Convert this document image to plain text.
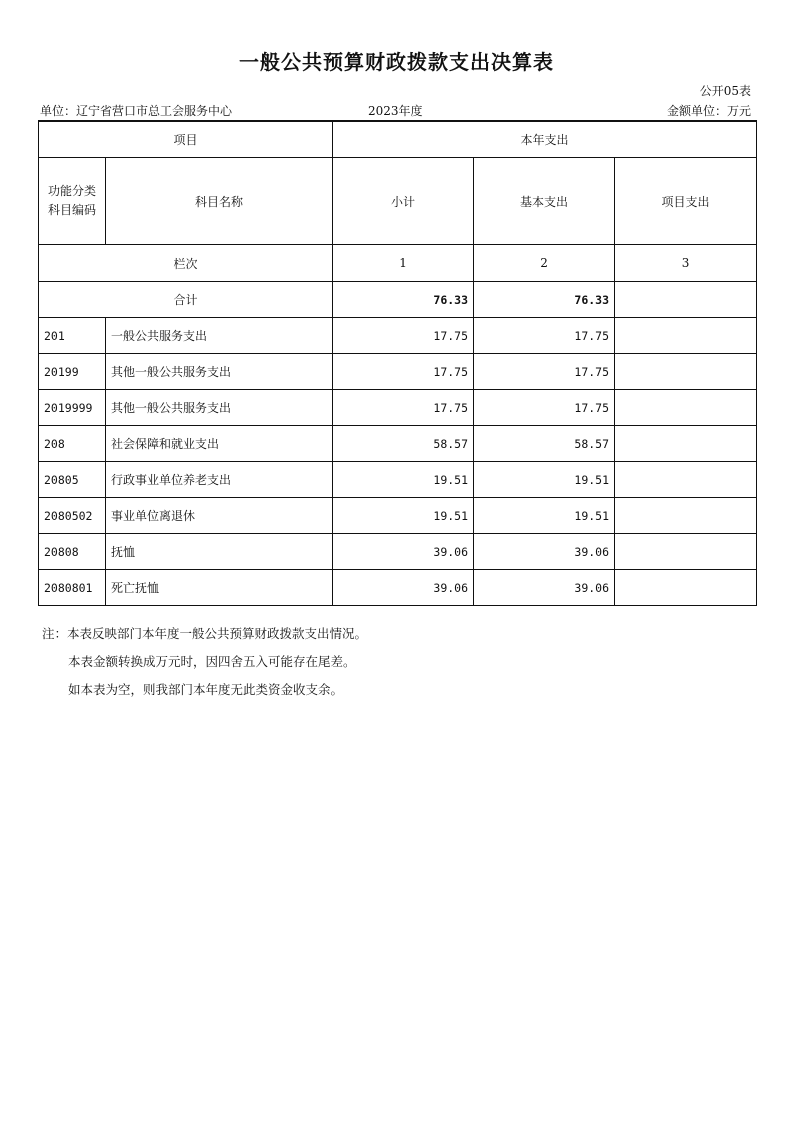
一般公共预算财政拨款支出决算表
公开05表
单位：辽宁省营口市总工会服务中心	2023年度	金额单位：万元
项目		本年支出		
功能分类科目编码	科目名称	小计	基本支出	项目支出
栏次		1	2	3
合计		76.33	76.33	
201	一般公共服务支出	17.75	17.75	
20199	其他一般公共服务支出	17.75	17.75	
2019999	其他一般公共服务支出	17.75	17.75	
208	社会保障和就业支出	58.57	58.57	
20805	行政事业单位养老支出	19.51	19.51	
2080502	事业单位离退休	19.51	19.51	
20808	抚恤	39.06	39.06	
2080801	死亡抚恤	39.06	39.06	
注：本表反映部门本年度一般公共预算财政拨款支出情况。
本表金额转换成万元时，因四舍五入可能存在尾差。
如本表为空，则我部门本年度无此类资金收支余。
